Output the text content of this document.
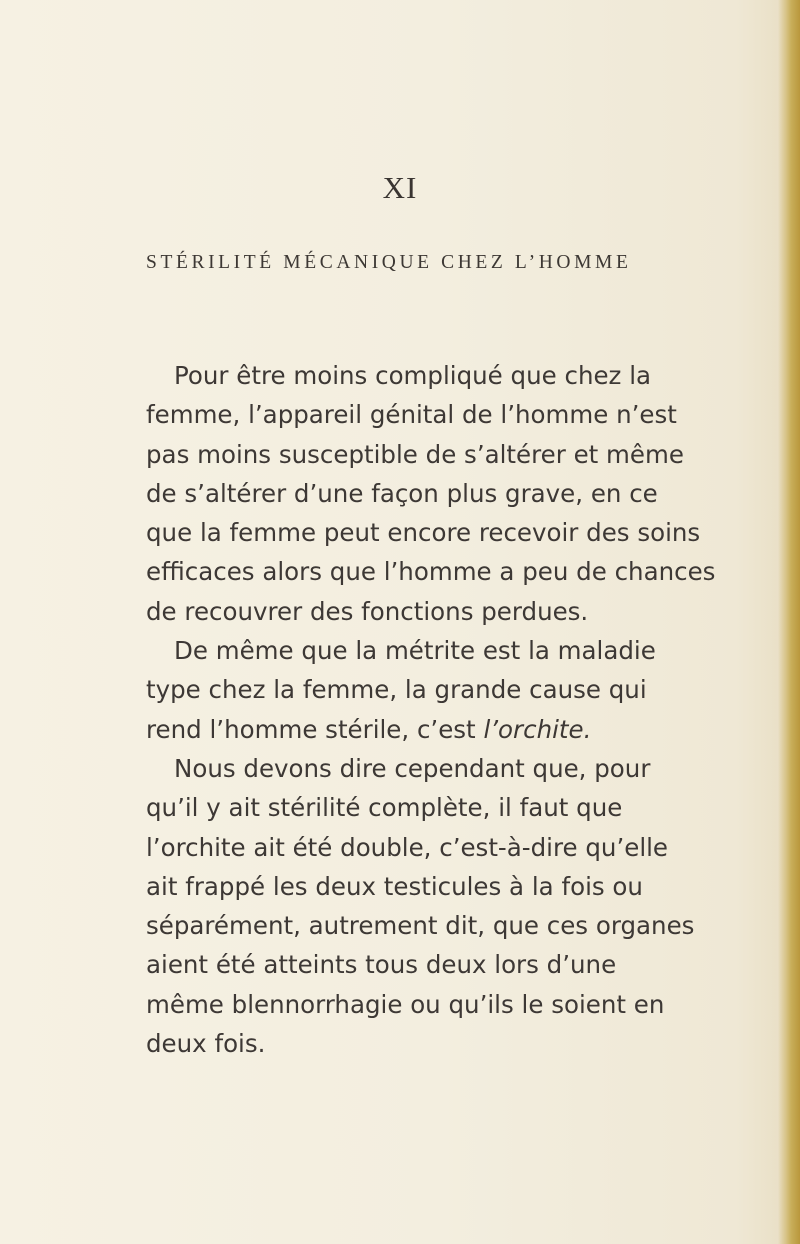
XI
STÉRILITÉ MÉCANIQUE CHEZ L’HOMME
Pour être moins compliqué que chez la
femme, l’appareil génital de l’homme n’est
pas moins susceptible de s’altérer et même
de s’altérer d’une façon plus grave, en ce
que la femme peut encore recevoir des soins
efficaces alors que l’homme a peu de chances
de recouvrer des fonctions perdues.
De même que la métrite est la maladie
type chez la femme, la grande cause qui
rend l’homme stérile, c’est l’orchite.
Nous devons dire cependant que, pour
qu’il y ait stérilité complète, il faut que
l’orchite ait été double, c’est-à-dire qu’elle
ait frappé les deux testicules à la fois ou
séparément, autrement dit, que ces organes
aient été atteints tous deux lors d’une
même blennorrhagie ou qu’ils le soient en
deux fois.
